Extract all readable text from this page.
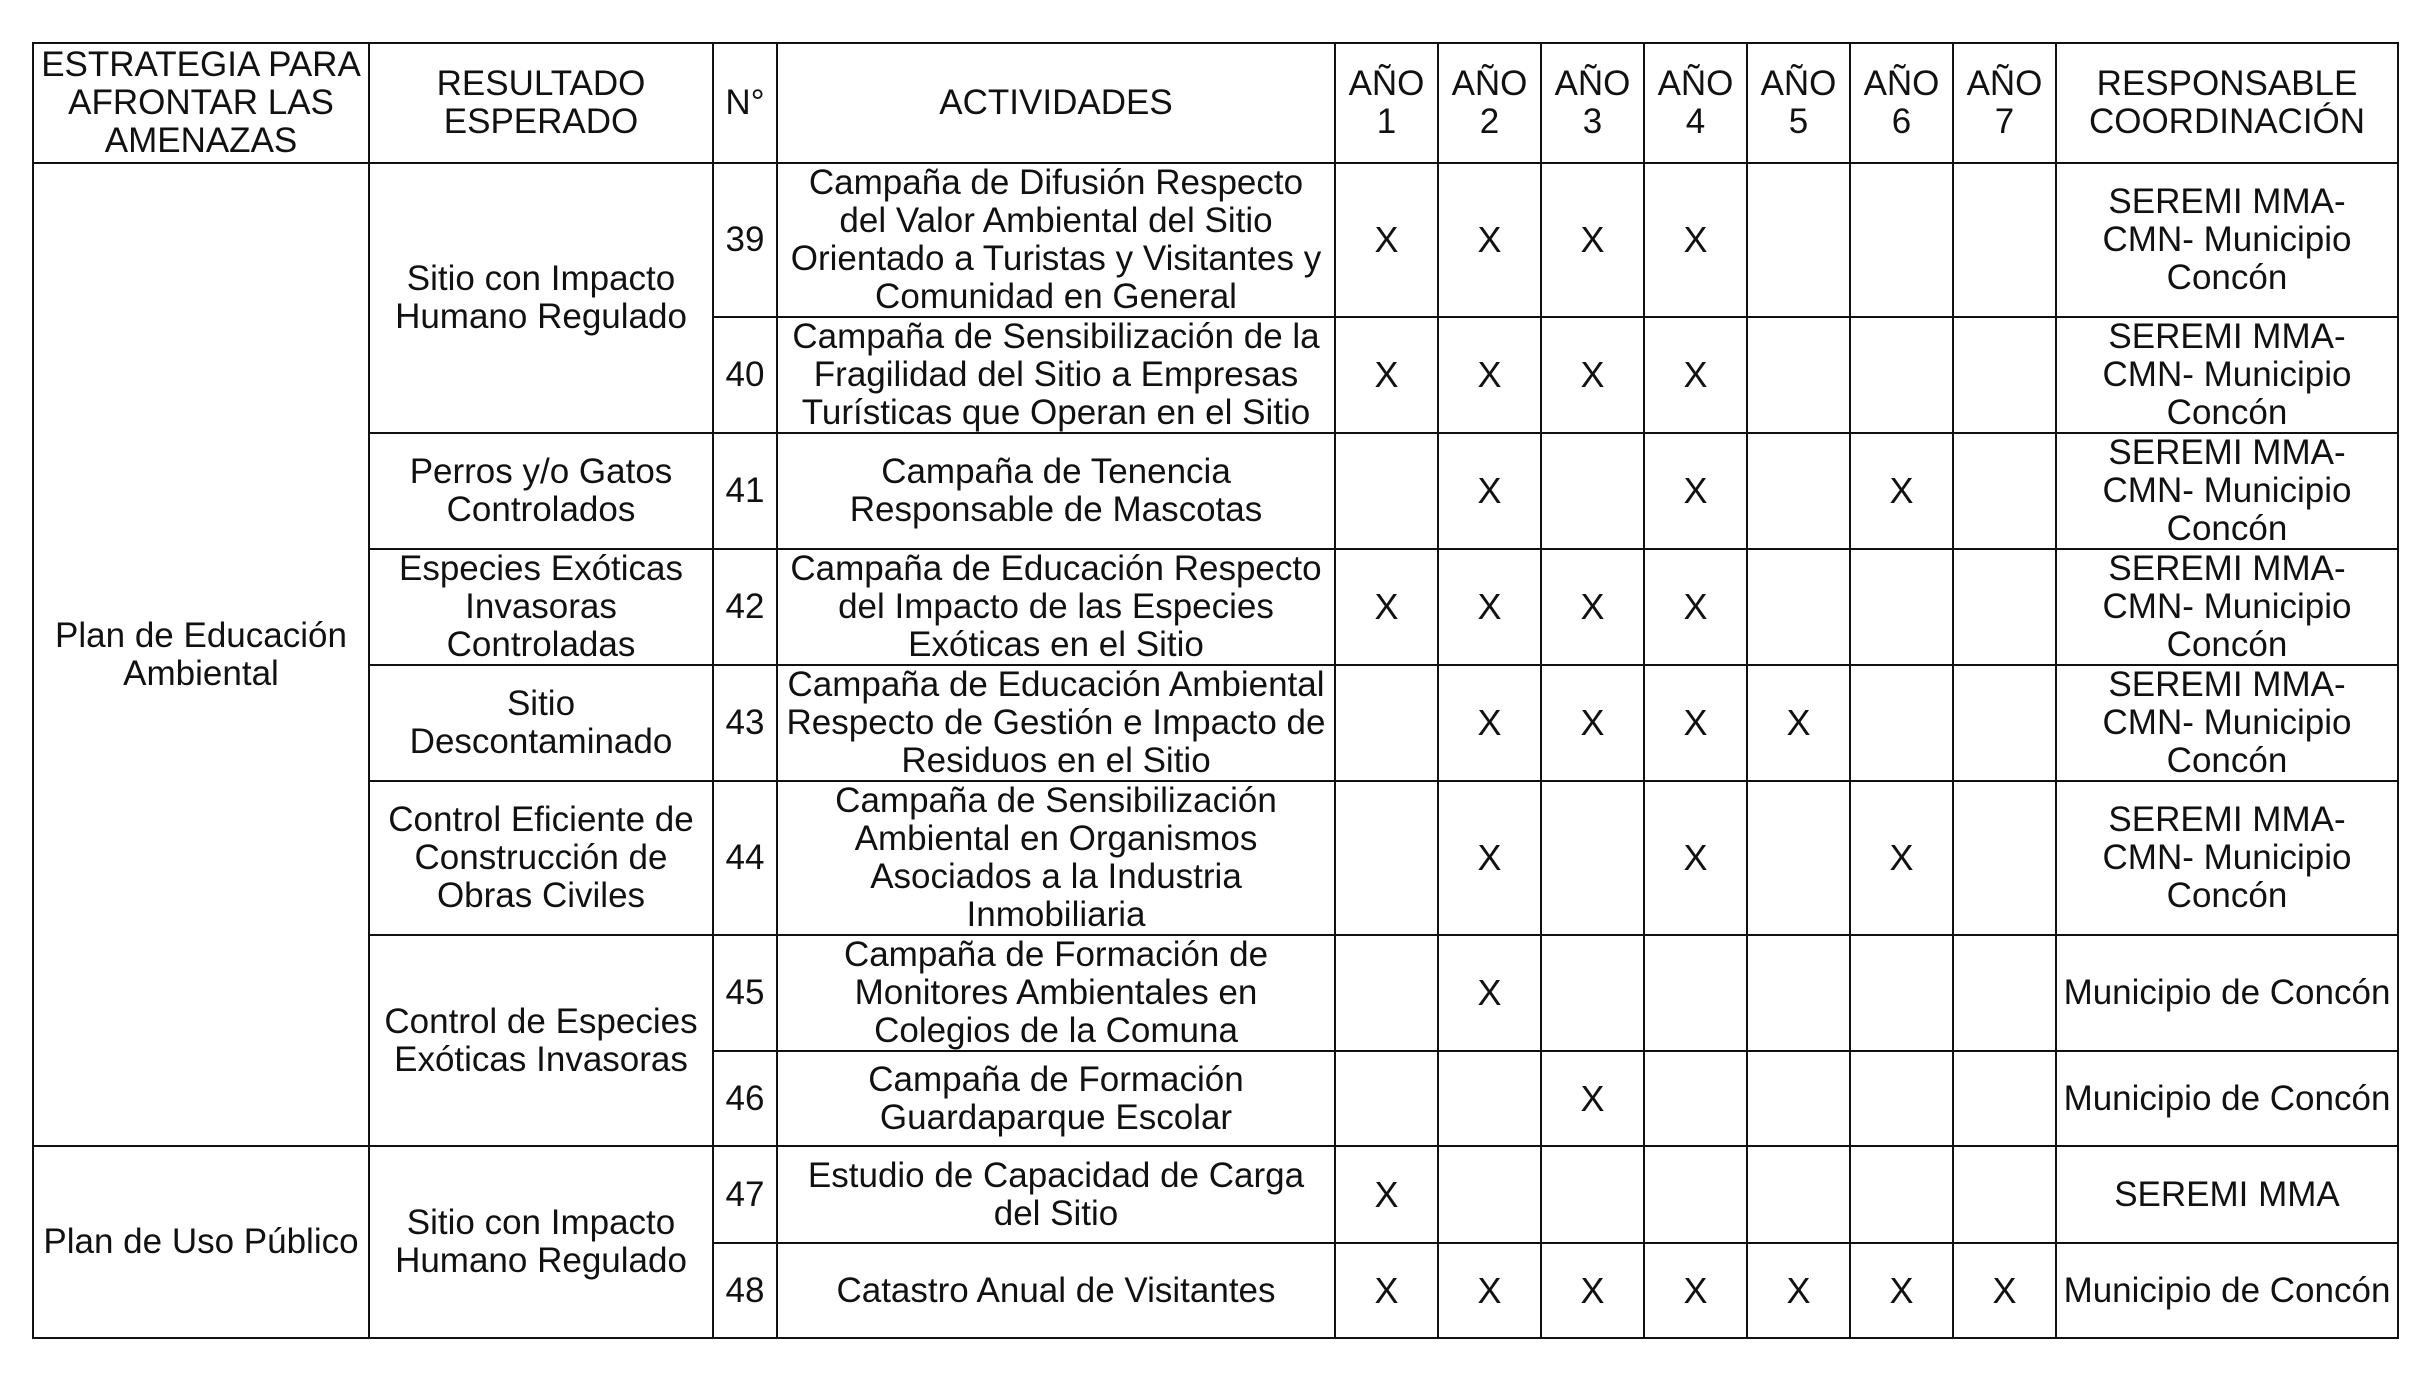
ESTRATEGIA PARA AFRONTAR LAS AMENAZAS	RESULTADO ESPERADO	N°	ACTIVIDADES	AÑO 1	AÑO 2	AÑO 3	AÑO 4	AÑO 5	AÑO 6	AÑO 7	RESPONSABLE COORDINACIÓN
Plan de Educación Ambiental	Sitio con Impacto Humano Regulado	39	Campaña de Difusión Respecto del Valor Ambiental del Sitio Orientado a Turistas y Visitantes y Comunidad en General	X	X	X	X				SEREMI MMA-CMN- Municipio Concón
		40	Campaña de Sensibilización de la Fragilidad del Sitio a Empresas Turísticas que Operan en el Sitio	X	X	X	X				SEREMI MMA-CMN- Municipio Concón
	Perros y/o Gatos Controlados	41	Campaña de Tenencia Responsable de Mascotas		X		X		X		SEREMI MMA-CMN- Municipio Concón
	Especies Exóticas Invasoras Controladas	42	Campaña de Educación Respecto del Impacto de las Especies Exóticas en el Sitio	X	X	X	X				SEREMI MMA-CMN- Municipio Concón
	Sitio Descontaminado	43	Campaña de Educación Ambiental Respecto de Gestión e Impacto de Residuos en el Sitio		X	X	X	X			SEREMI MMA-CMN- Municipio Concón
	Control Eficiente de Construcción de Obras Civiles	44	Campaña de Sensibilización Ambiental en Organismos Asociados a la Industria Inmobiliaria		X		X		X		SEREMI MMA-CMN- Municipio Concón
	Control de Especies Exóticas Invasoras	45	Campaña de Formación de Monitores Ambientales en Colegios de la Comuna		X						Municipio de Concón
		46	Campaña de Formación Guardaparque Escolar			X					Municipio de Concón
Plan de Uso Público	Sitio con Impacto Humano Regulado	47	Estudio de Capacidad de Carga del Sitio	X							SEREMI MMA
		48	Catastro Anual de Visitantes	X	X	X	X	X	X	X	Municipio de Concón
